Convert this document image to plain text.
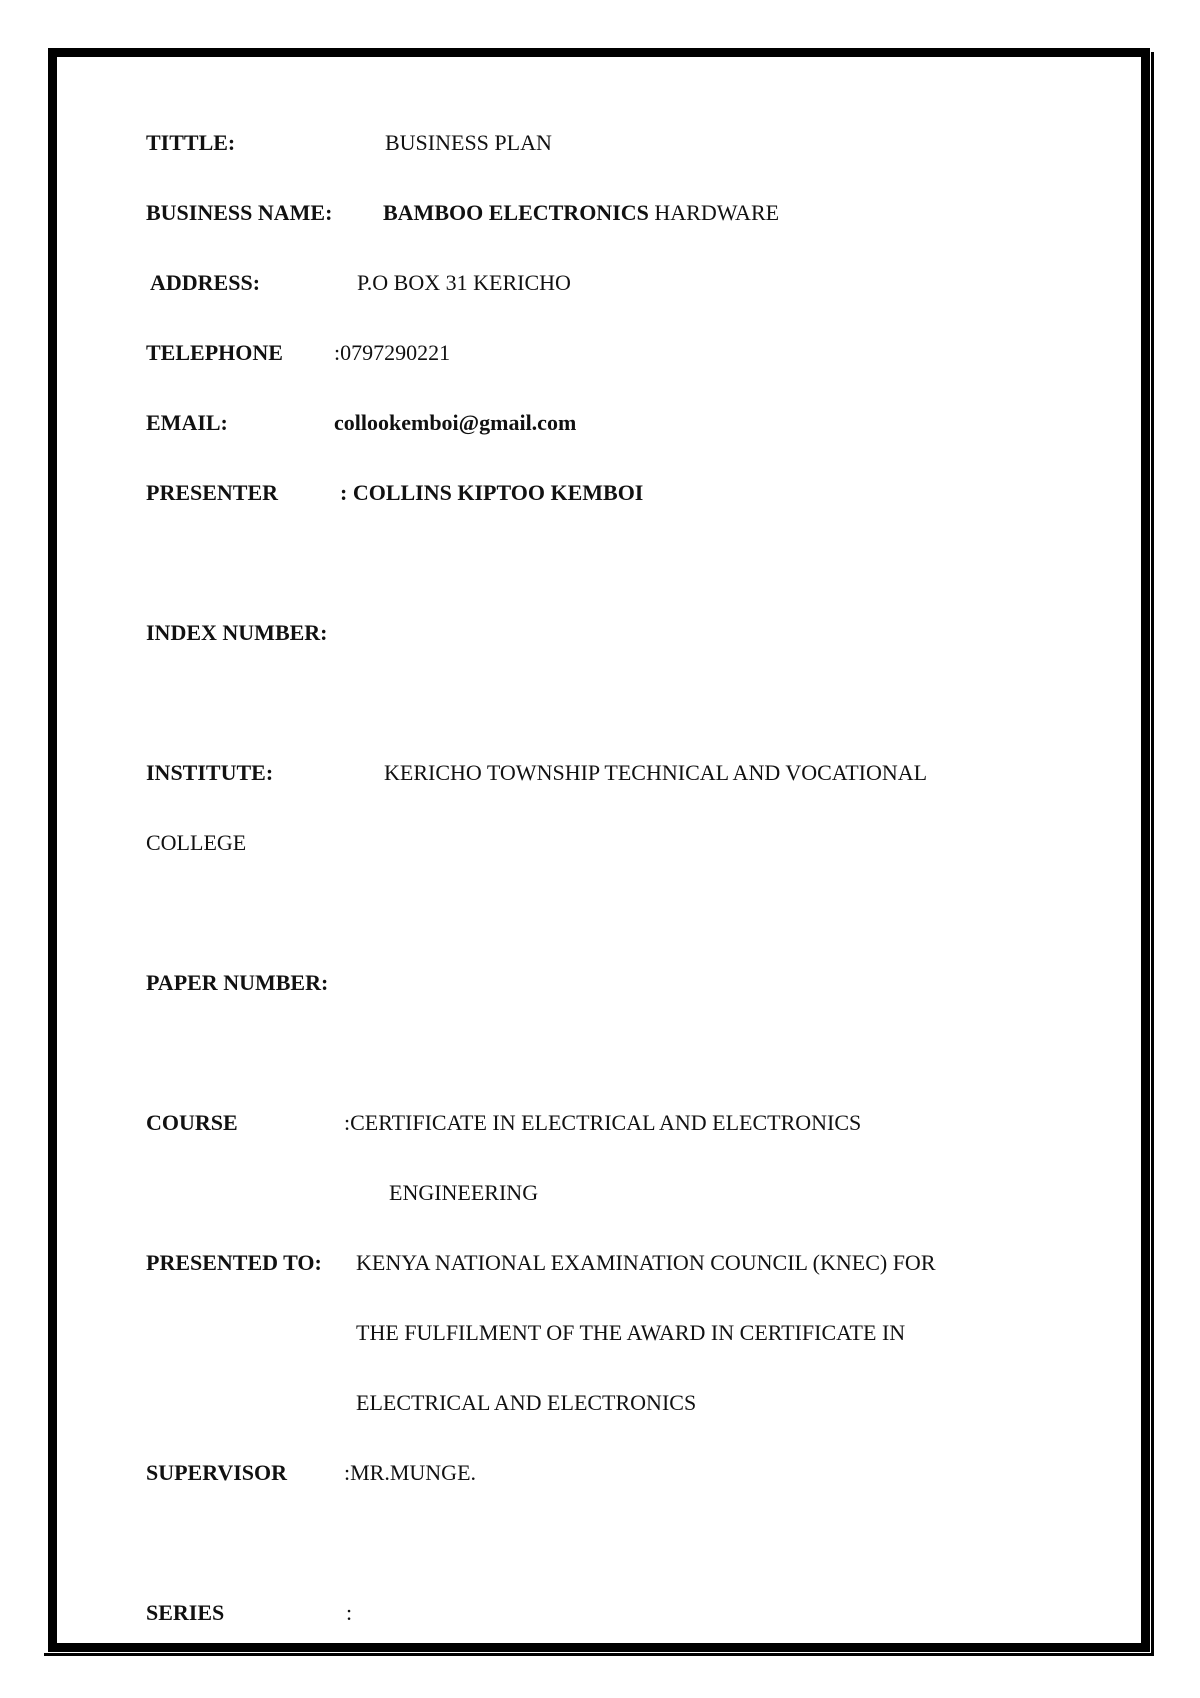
TITTLE:	BUSINESS PLAN
BUSINESS NAME: BAMBOO ELECTRONICS HARDWARE
ADDRESS:	P.O BOX 31 KERICHO
TELEPHONE :0797290221
EMAIL:	collookemboi@gmail.com
PRESENTER	: COLLINS KIPTOO KEMBOI
INDEX NUMBER:
INSTITUTE:	KERICHO TOWNSHIP TECHNICAL AND VOCATIONAL
COLLEGE
PAPER NUMBER:
COURSE	:CERTIFICATE IN ELECTRICAL AND ELECTRONICS
ENGINEERING
PRESENTED TO: KENYA NATIONAL EXAMINATION COUNCIL (KNEC) FOR
THE FULFILMENT OF THE AWARD IN CERTIFICATE IN
ELECTRICAL AND ELECTRONICS
SUPERVISOR	:MR.MUNGE.
SERIES	:
